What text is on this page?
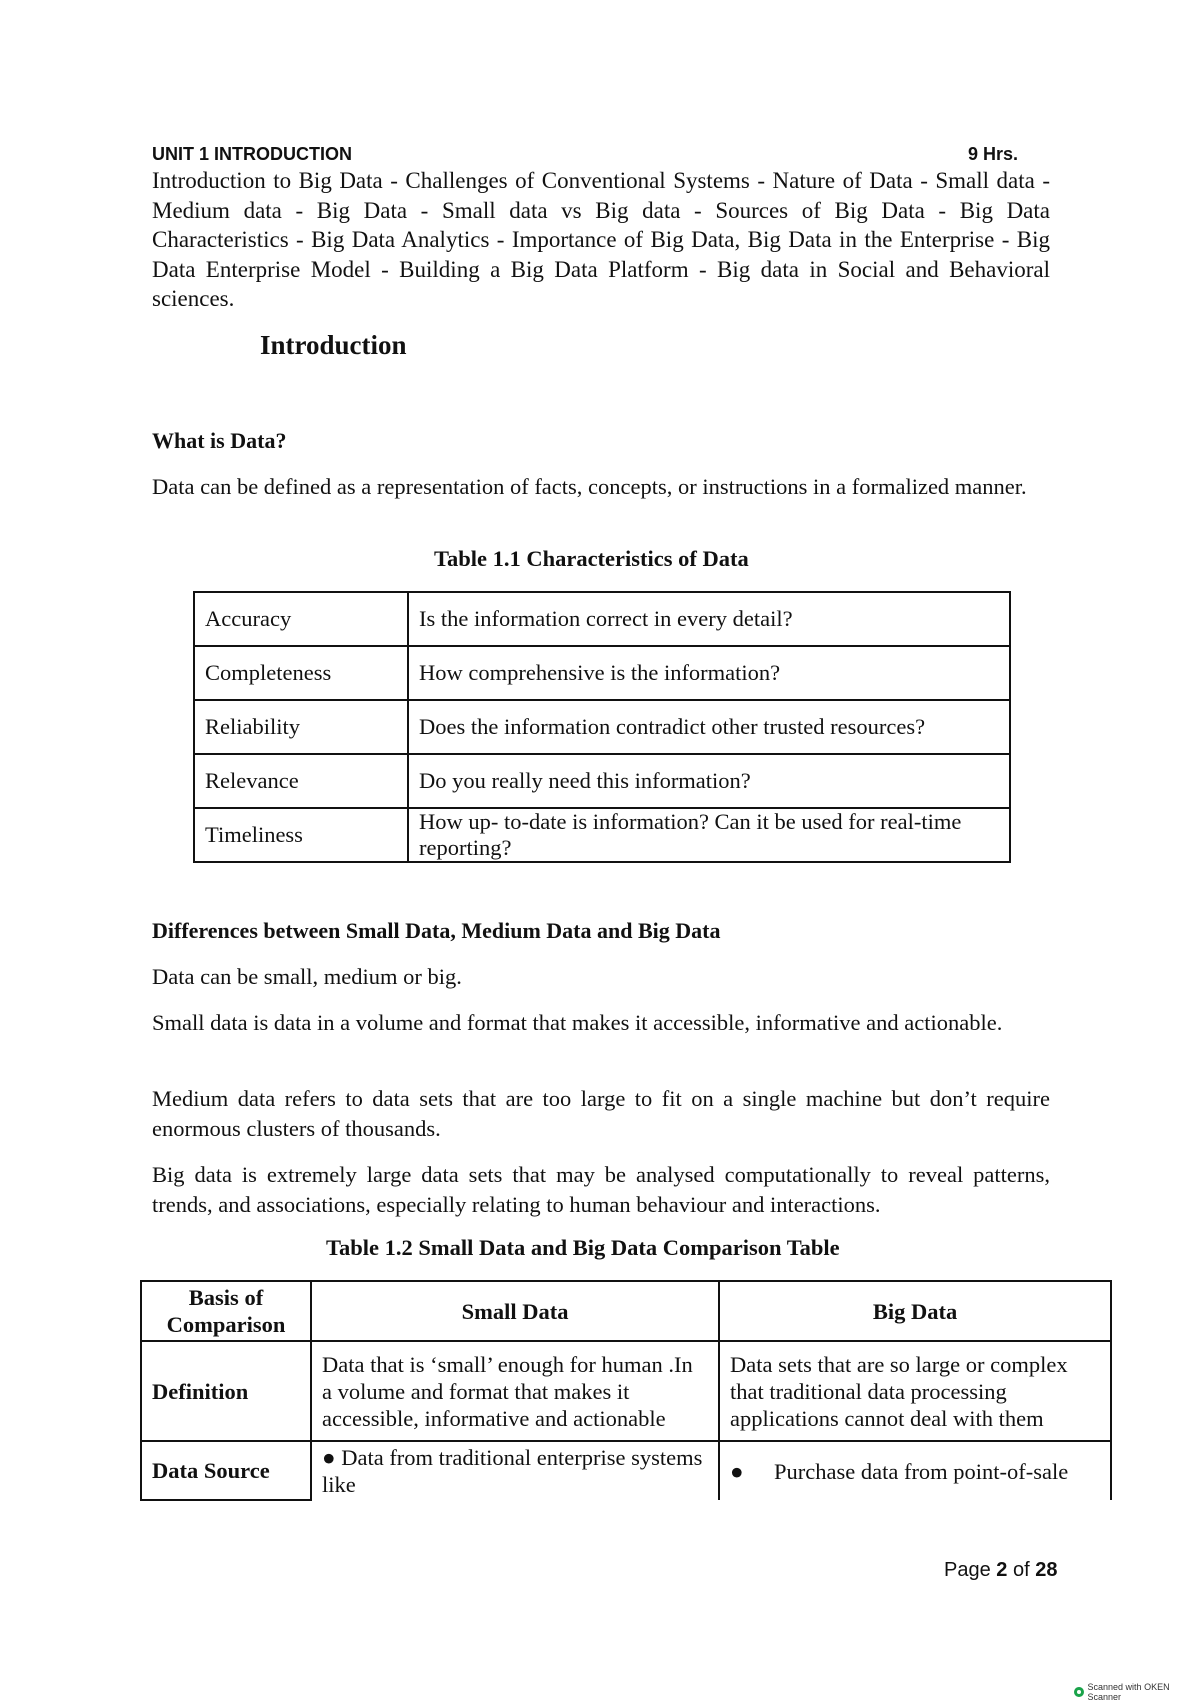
UNIT 1 INTRODUCTION	9 Hrs.
Introduction to Big Data - Challenges of Conventional Systems - Nature of Data - Small data - Medium data - Big Data - Small data vs Big data - Sources of Big Data - Big Data Characteristics - Big Data Analytics - Importance of Big Data, Big Data in the Enterprise - Big Data Enterprise Model - Building a Big Data Platform - Big data in Social and Behavioral sciences.
Introduction
What is Data?
Data can be defined as a representation of facts, concepts, or instructions in a formalized manner.
Table 1.1 Characteristics of Data
Accuracy	Is the information correct in every detail?
Completeness	How comprehensive is the information?
Reliability	Does the information contradict other trusted resources?
Relevance	Do you really need this information?
Timeliness	How up- to-date is information? Can it be used for real-time reporting?
Differences between Small Data, Medium Data and Big Data
Data can be small, medium or big.
Small data is data in a volume and format that makes it accessible, informative and actionable.
Medium data refers to data sets that are too large to fit on a single machine but don’t require enormous clusters of thousands.
Big data is extremely large data sets that may be analysed computationally to reveal patterns, trends, and associations, especially relating to human behaviour and interactions.
Table 1.2 Small Data and Big Data Comparison Table
Basis of Comparison	Small Data	Big Data
Definition	Data that is ‘small’ enough for human .In a volume and format that makes it accessible, informative and actionable	Data sets that are so large or complex that traditional data processing applications cannot deal with them
Data Source	● Data from traditional enterprise systems like	● Purchase data from point-of-sale
Page 2 of 28
Scanned with OKEN Scanner
